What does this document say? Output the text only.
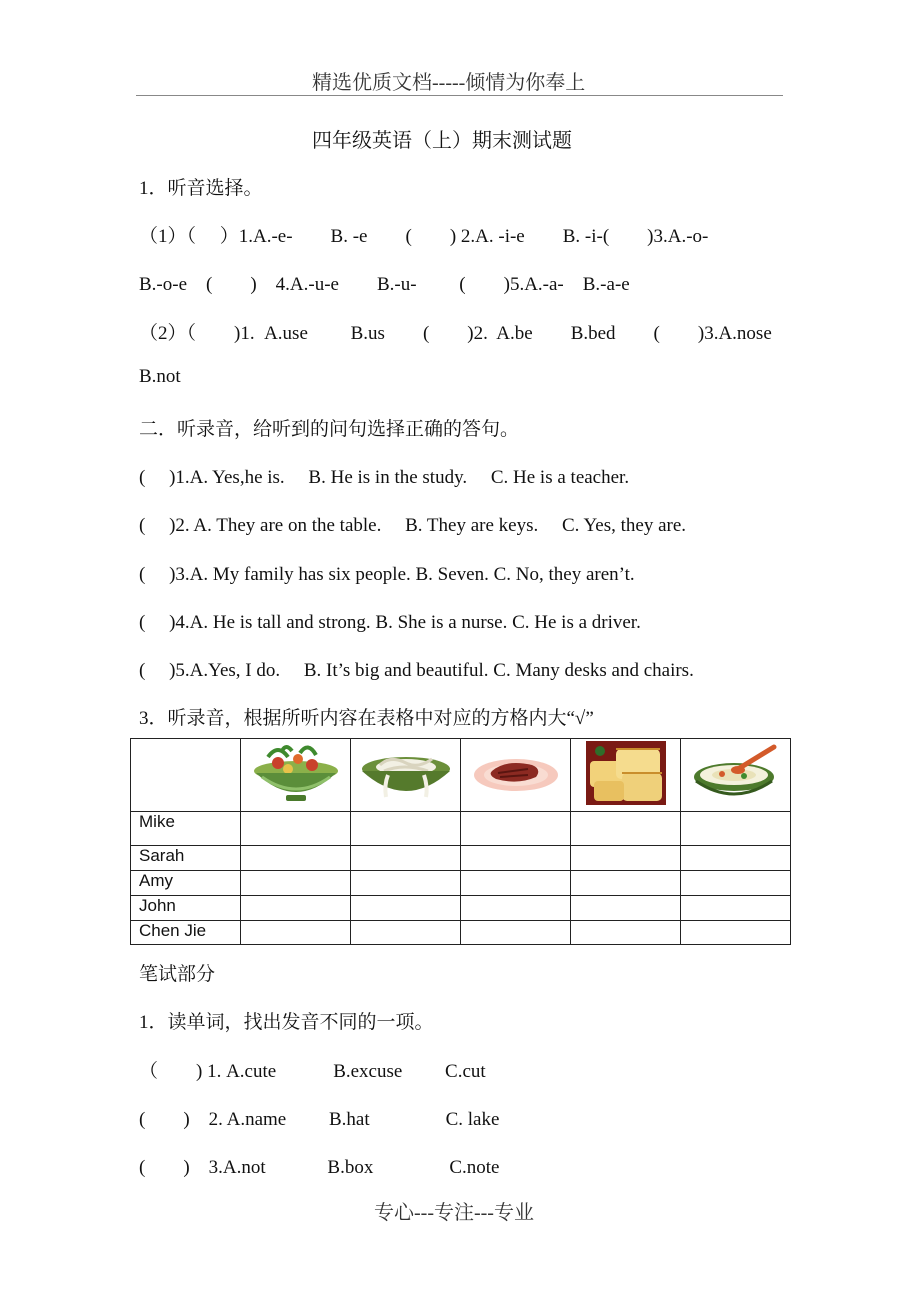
精选优质文档-----倾情为你奉上
四年级英语（上）期末测试题
1．听音选择。
（1）（　 ）1.A.-e-　　B. -e　　(　　) 2.A. -i-e　　B. -i-(　　)3.A.-o-
B.-o-e　(　　)　4.A.-u-e　　B.-u-　　 (　　)5.A.-a-　B.-a-e
（2）（　　)1.  A.use　　 B.us　　(　　)2.  A.be　　B.bed　　(　　)3.A.nose
B.not
二．听录音，给听到的问句选择正确的答句。
(　 )1.A. Yes,he is.　 B. He is in the study.　 C. He is a teacher.
(　 )2. A. They are on the table.　 B. They are keys.　 C. Yes, they are.
(　 )3.A. My family has six people. B. Seven. C. No, they aren’t.
(　 )4.A. He is tall and strong. B. She is a nurse. C. He is a driver.
(　 )5.A.Yes, I do.　 B. It’s big and beautiful. C. Many desks and chairs.
3．听录音，根据所听内容在表格中对应的方格内大“√”

Mike					
Sarah					
Amy					
John					
Chen Jie					
笔试部分
1．读单词，找出发音不同的一项。
（　　) 1. A.cute　　　B.excuse　　 C.cut
(　　)　2. A.name　　 B.hat　　　　C. lake
(　　)　3.A.not　　　 B.box　　　　C.note
专心---专注---专业
